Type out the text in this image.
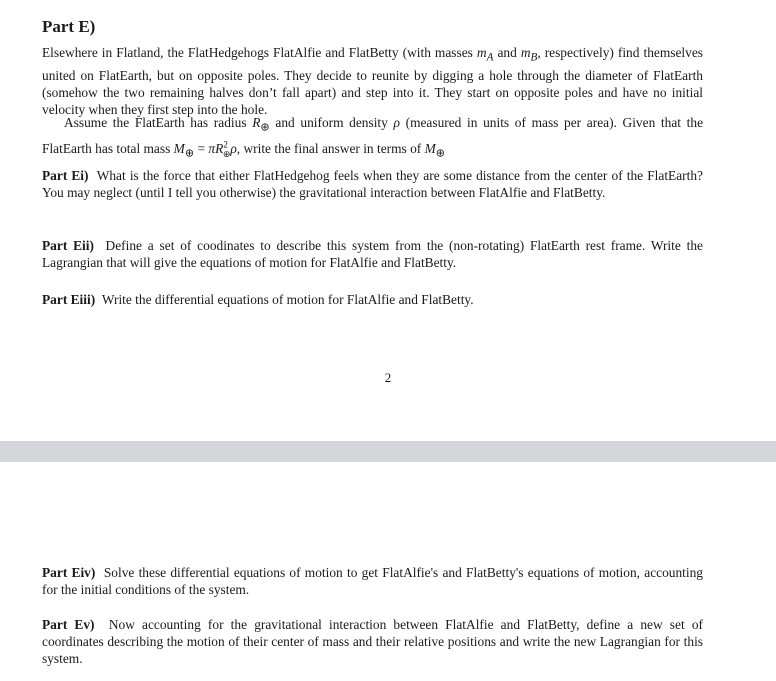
Part E)

Elsewhere in Flatland, the FlatHedgehogs FlatAlfie and FlatBetty (with masses $m_A$ and $m_B$, respectively) find themselves united on FlatEarth, but on opposite poles. They decide to reunite by digging a hole through the diameter of FlatEarth (somehow the two remaining halves don’t fall apart) and step into it. They start on opposite poles and have no initial velocity when they first step into the hole.

Assume the FlatEarth has radius $R_\oplus$ and uniform density ρ (measured in units of mass per area). Given that the FlatEarth has total mass $M_\oplus = \pi R^2_\oplus\rho$, write the final answer in terms of $M_\oplus$

Part Ei) What is the force that either FlatHedgehog feels when they are some distance from the center of the FlatEarth? You may neglect (until I tell you otherwise) the gravitational interaction between FlatAlfie and FlatBetty.

Part Eii) Define a set of coodinates to describe this system from the (non-rotating) FlatEarth rest frame. Write the Lagrangian that will give the equations of motion for FlatAlfie and FlatBetty.

Part Eiii) Write the differential equations of motion for FlatAlfie and FlatBetty.

2

Part Eiv) Solve these differential equations of motion to get FlatAlfie's and FlatBetty's equations of motion, accounting for the initial conditions of the system.

Part Ev) Now accounting for the gravitational interaction between FlatAlfie and FlatBetty, define a new set of coordinates describing the motion of their center of mass and their relative positions and write the new Lagrangian for this system.
